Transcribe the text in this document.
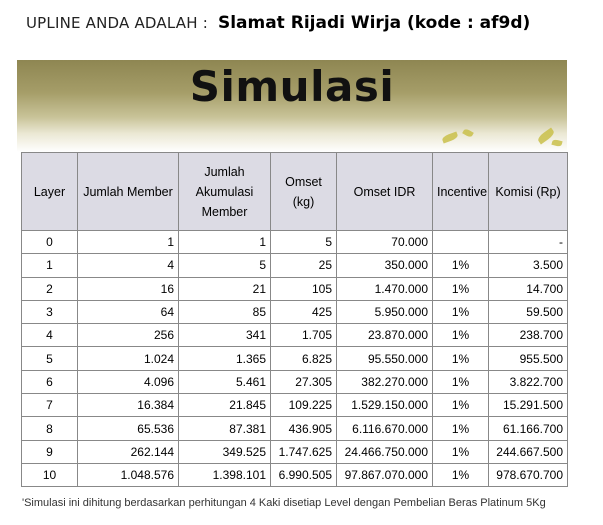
UPLINE ANDA ADALAH : Slamat Rijadi Wirja (kode : af9d)
Simulasi
Layer	Jumlah Member	Jumlah Akumulasi Member	Omset (kg)	Omset IDR	Incentive	Komisi (Rp)
0	1	1	5	70.000		-
1	4	5	25	350.000	1%	3.500
2	16	21	105	1.470.000	1%	14.700
3	64	85	425	5.950.000	1%	59.500
4	256	341	1.705	23.870.000	1%	238.700
5	1.024	1.365	6.825	95.550.000	1%	955.500
6	4.096	5.461	27.305	382.270.000	1%	3.822.700
7	16.384	21.845	109.225	1.529.150.000	1%	15.291.500
8	65.536	87.381	436.905	6.116.670.000	1%	61.166.700
9	262.144	349.525	1.747.625	24.466.750.000	1%	244.667.500
10	1.048.576	1.398.101	6.990.505	97.867.070.000	1%	978.670.700
'Simulasi ini dihitung berdasarkan perhitungan 4 Kaki disetiap Level dengan Pembelian Beras Platinum 5Kg
